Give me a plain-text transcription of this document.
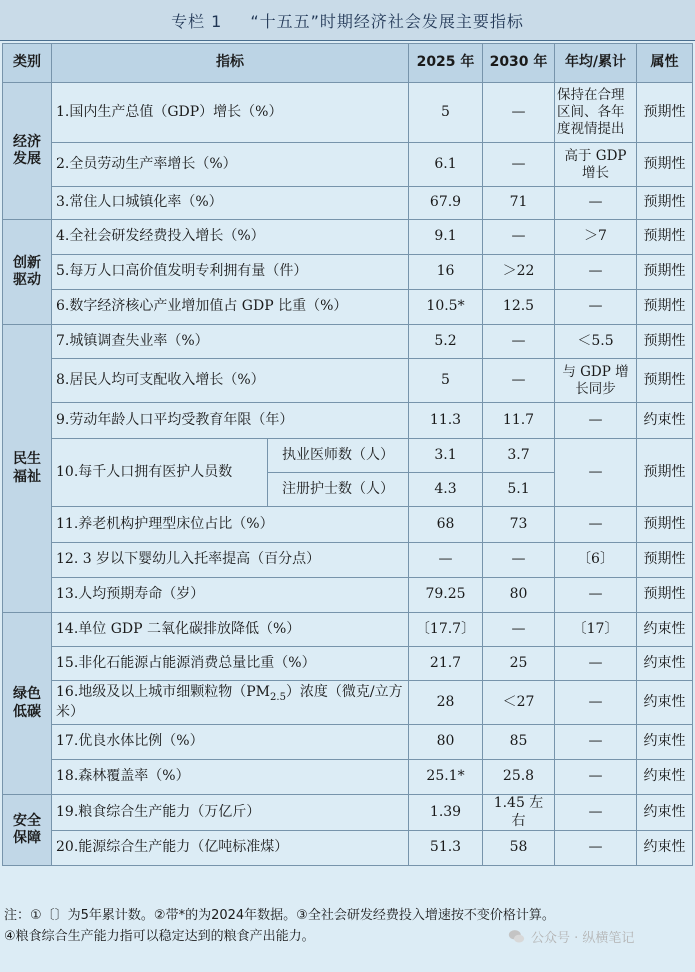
专栏 1 “十五五”时期经济社会发展主要指标
类别	指标		2025 年	2030 年	年均/累计	属性

经济
发展	1.国内生产总值（GDP）增长（%）		5	—	保持在合理区间、各年度视情提出	预期性
	2.全员劳动生产率增长（%）		6.1	—	高于 GDP 增长	预期性
	3.常住人口城镇化率（%）		67.9	71	—	预期性

创新
驱动	4.全社会研发经费投入增长（%）		9.1	—	＞7	预期性
	5.每万人口高价值发明专利拥有量（件）		16	＞22	—	预期性
	6.数字经济核心产业增加值占 GDP 比重（%）		10.5*	12.5	—	预期性

民生
福祉	7.城镇调查失业率（%）		5.2	—	＜5.5	预期性
	8.居民人均可支配收入增长（%）		5	—	与 GDP 增长同步	预期性
	9.劳动年龄人口平均受教育年限（年）		11.3	11.7	—	约束性
	10.每千人口拥有医护人员数	执业医师数（人）	3.1	3.7	—	预期性
		注册护士数（人）	4.3	5.1		
	11.养老机构护理型床位占比（%）		68	73	—	预期性
	12. 3 岁以下婴幼儿入托率提高（百分点）		—	—	〔6〕	预期性
	13.人均预期寿命（岁）		79.25	80	—	预期性

绿色
低碳	14.单位 GDP 二氧化碳排放降低（%）		〔17.7〕	—	〔17〕	约束性
	15.非化石能源占能源消费总量比重（%）		21.7	25	—	约束性
	16.地级及以上城市细颗粒物$(PM_{2.5})$浓度（微克/立方米）		28	＜27	—	约束性
	17.优良水体比例（%）		80	85	—	约束性
	18.森林覆盖率（%）		25.1*	25.8	—	约束性

安全
保障	19.粮食综合生产能力（万亿斤）		1.39	1.45 左右	—	约束性
	20.能源综合生产能力（亿吨标准煤）		51.3	58	—	约束性
注：①〔〕为5年累计数。②带*的为2024年数据。③全社会研发经费投入增速按不变价格计算。
④粮食综合生产能力指可以稳定达到的粮食产出能力。	公众号 · 纵横笔记
